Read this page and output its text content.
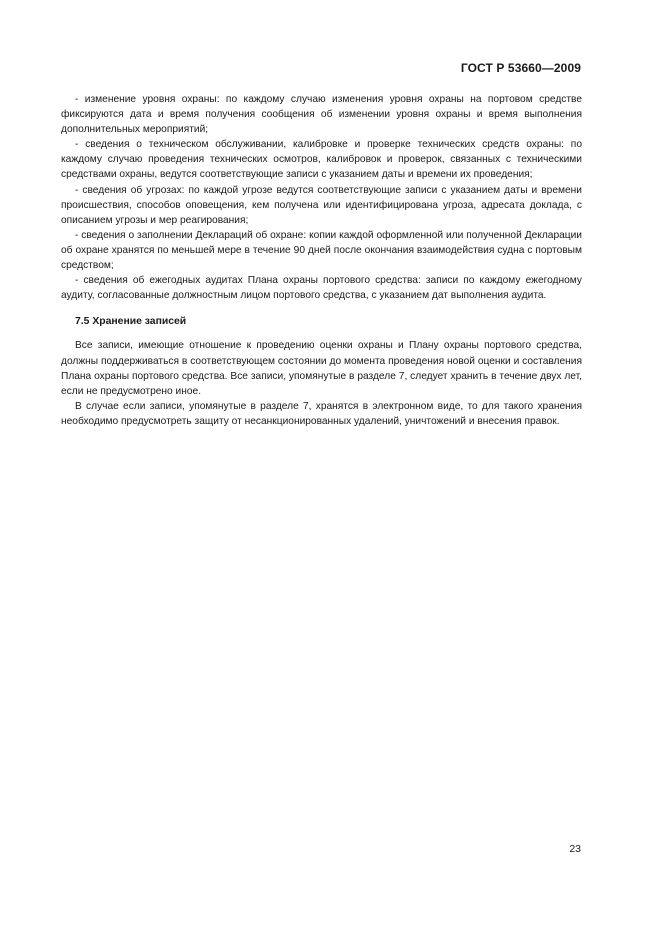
ГОСТ Р 53660—2009

- изменение уровня охраны: по каждому случаю изменения уровня охраны на портовом средстве фиксируются дата и время получения сообщения об изменении уровня охраны и время выполнения дополнительных мероприятий;

- сведения о техническом обслуживании, калибровке и проверке технических средств охраны: по каждому случаю проведения технических осмотров, калибровок и проверок, связанных с техническими средствами охраны, ведутся соответствующие записи с указанием даты и времени их проведения;

- сведения об угрозах: по каждой угрозе ведутся соответствующие записи с указанием даты и времени происшествия, способов оповещения, кем получена или идентифицирована угроза, адресата доклада, с описанием угрозы и мер реагирования;

- сведения о заполнении Деклараций об охране: копии каждой оформленной или полученной Декларации об охране хранятся по меньшей мере в течение 90 дней после окончания взаимодействия судна с портовым средством;

- сведения об ежегодных аудитах Плана охраны портового средства: записи по каждому ежегодному аудиту, согласованные должностным лицом портового средства, с указанием дат выполнения аудита.

7.5 Хранение записей

Все записи, имеющие отношение к проведению оценки охраны и Плану охраны портового средства, должны поддерживаться в соответствующем состоянии до момента проведения новой оценки и составления Плана охраны портового средства. Все записи, упомянутые в разделе 7, следует хранить в течение двух лет, если не предусмотрено иное.

В случае если записи, упомянутые в разделе 7, хранятся в электронном виде, то для такого хранения необходимо предусмотреть защиту от несанкционированных удалений, уничтожений и внесения правок.

23
